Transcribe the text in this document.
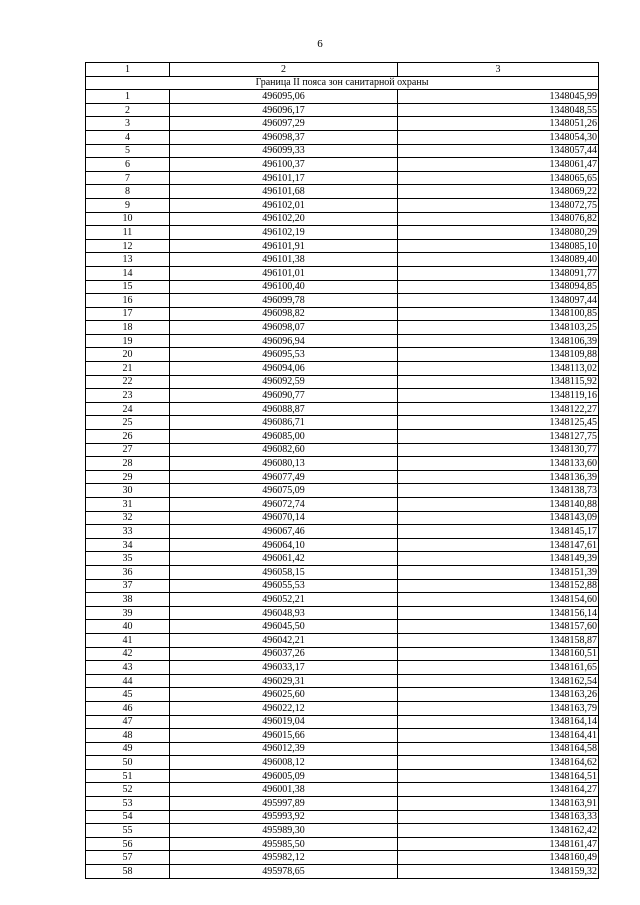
6
1	2	3
Граница II пояса зон санитарной охраны		
1	496095,06	1348045,99
2	496096,17	1348048,55
3	496097,29	1348051,26
4	496098,37	1348054,30
5	496099,33	1348057,44
6	496100,37	1348061,47
7	496101,17	1348065,65
8	496101,68	1348069,22
9	496102,01	1348072,75
10	496102,20	1348076,82
11	496102,19	1348080,29
12	496101,91	1348085,10
13	496101,38	1348089,40
14	496101,01	1348091,77
15	496100,40	1348094,85
16	496099,78	1348097,44
17	496098,82	1348100,85
18	496098,07	1348103,25
19	496096,94	1348106,39
20	496095,53	1348109,88
21	496094,06	1348113,02
22	496092,59	1348115,92
23	496090,77	1348119,16
24	496088,87	1348122,27
25	496086,71	1348125,45
26	496085,00	1348127,75
27	496082,60	1348130,77
28	496080,13	1348133,60
29	496077,49	1348136,39
30	496075,09	1348138,73
31	496072,74	1348140,88
32	496070,14	1348143,09
33	496067,46	1348145,17
34	496064,10	1348147,61
35	496061,42	1348149,39
36	496058,15	1348151,39
37	496055,53	1348152,88
38	496052,21	1348154,60
39	496048,93	1348156,14
40	496045,50	1348157,60
41	496042,21	1348158,87
42	496037,26	1348160,51
43	496033,17	1348161,65
44	496029,31	1348162,54
45	496025,60	1348163,26
46	496022,12	1348163,79
47	496019,04	1348164,14
48	496015,66	1348164,41
49	496012,39	1348164,58
50	496008,12	1348164,62
51	496005,09	1348164,51
52	496001,38	1348164,27
53	495997,89	1348163,91
54	495993,92	1348163,33
55	495989,30	1348162,42
56	495985,50	1348161,47
57	495982,12	1348160,49
58	495978,65	1348159,32
